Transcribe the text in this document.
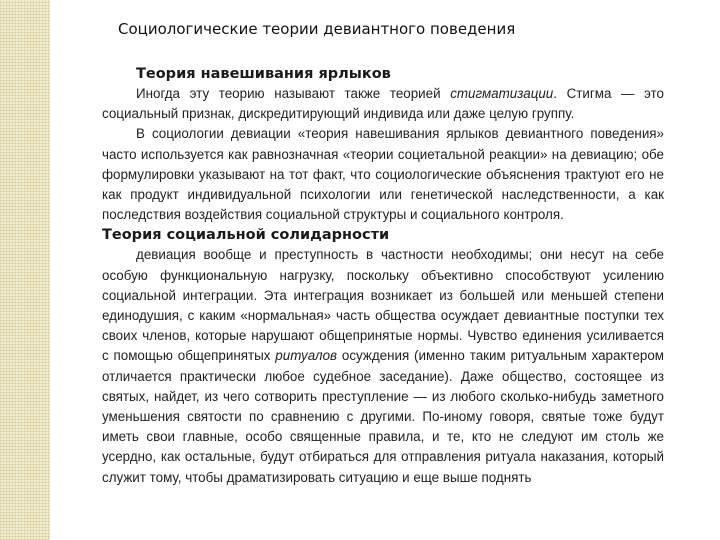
Социологические теории девиантного поведения
Теория навешивания ярлыков

Иногда эту теорию называют также теорией стигматизации. Стигма — это социальный признак, дискредитирующий индивида или даже целую группу.

В социологии девиации «теория навешивания ярлыков девиантного поведения» часто используется как равнозначная «теории социетальной реакции» на девиацию; обе формулировки указывают на тот факт, что социологические объяснения трактуют его не как продукт индивидуальной психологии или генетической наследственности, а как последствия воздействия социальной структуры и социального контроля.

Теория социальной солидарности

девиация вообще и преступность в частности необходимы; они несут на себе особую функциональную нагрузку, поскольку объективно способствуют усилению социальной интеграции. Эта интеграция возникает из большей или меньшей степени единодушия, с каким «нормальная» часть общества осуждает девиантные поступки тех своих членов, которые нарушают общепринятые нормы. Чувство единения усиливается с помощью общепринятых ритуалов осуждения (именно таким ритуальным характером отличается практически любое судебное заседание). Даже общество, состоящее из святых, найдет, из чего сотворить преступление — из любого сколько-нибудь заметного уменьшения святости по сравнению с другими. По-иному говоря, святые тоже будут иметь свои главные, особо священные правила, и те, кто не следуют им столь же усердно, как остальные, будут отбираться для отправления ритуала наказания, который служит тому, чтобы драматизировать ситуацию и еще выше поднять
